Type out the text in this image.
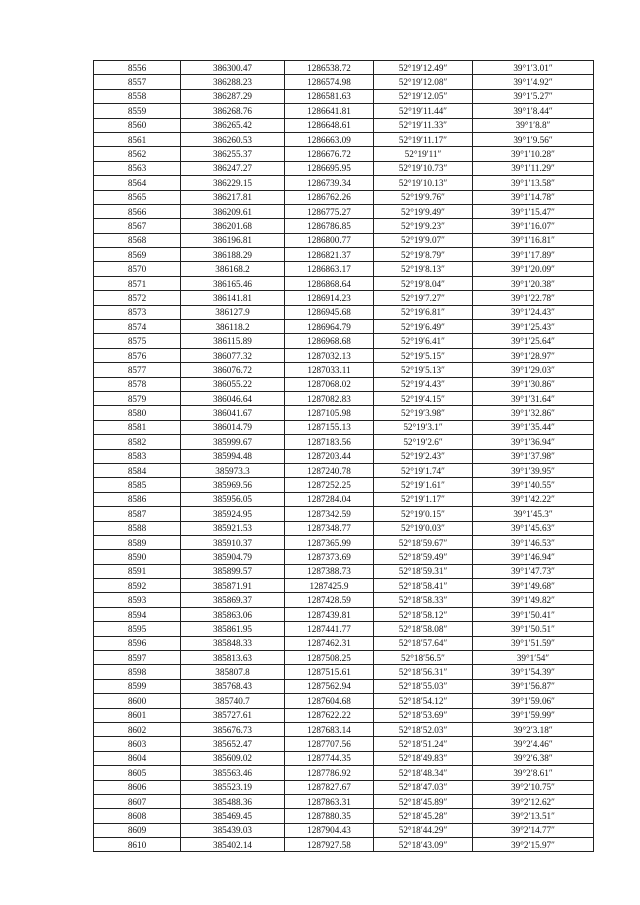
8556	386300.47	1286538.72	52°19′12.49″	39°1′3.01″
8557	386288.23	1286574.98	52°19′12.08″	39°1′4.92″
8558	386287.29	1286581.63	52°19′12.05″	39°1′5.27″
8559	386268.76	1286641.81	52°19′11.44″	39°1′8.44″
8560	386265.42	1286648.61	52°19′11.33″	39°1′8.8″
8561	386260.53	1286663.09	52°19′11.17″	39°1′9.56″
8562	386255.37	1286676.72	52°19′11″	39°1′10.28″
8563	386247.27	1286695.95	52°19′10.73″	39°1′11.29″
8564	386229.15	1286739.34	52°19′10.13″	39°1′13.58″
8565	386217.81	1286762.26	52°19′9.76″	39°1′14.78″
8566	386209.61	1286775.27	52°19′9.49″	39°1′15.47″
8567	386201.68	1286786.85	52°19′9.23″	39°1′16.07″
8568	386196.81	1286800.77	52°19′9.07″	39°1′16.81″
8569	386188.29	1286821.37	52°19′8.79″	39°1′17.89″
8570	386168.2	1286863.17	52°19′8.13″	39°1′20.09″
8571	386165.46	1286868.64	52°19′8.04″	39°1′20.38″
8572	386141.81	1286914.23	52°19′7.27″	39°1′22.78″
8573	386127.9	1286945.68	52°19′6.81″	39°1′24.43″
8574	386118.2	1286964.79	52°19′6.49″	39°1′25.43″
8575	386115.89	1286968.68	52°19′6.41″	39°1′25.64″
8576	386077.32	1287032.13	52°19′5.15″	39°1′28.97″
8577	386076.72	1287033.11	52°19′5.13″	39°1′29.03″
8578	386055.22	1287068.02	52°19′4.43″	39°1′30.86″
8579	386046.64	1287082.83	52°19′4.15″	39°1′31.64″
8580	386041.67	1287105.98	52°19′3.98″	39°1′32.86″
8581	386014.79	1287155.13	52°19′3.1″	39°1′35.44″
8582	385999.67	1287183.56	52°19′2.6″	39°1′36.94″
8583	385994.48	1287203.44	52°19′2.43″	39°1′37.98″
8584	385973.3	1287240.78	52°19′1.74″	39°1′39.95″
8585	385969.56	1287252.25	52°19′1.61″	39°1′40.55″
8586	385956.05	1287284.04	52°19′1.17″	39°1′42.22″
8587	385924.95	1287342.59	52°19′0.15″	39°1′45.3″
8588	385921.53	1287348.77	52°19′0.03″	39°1′45.63″
8589	385910.37	1287365.99	52°18′59.67″	39°1′46.53″
8590	385904.79	1287373.69	52°18′59.49″	39°1′46.94″
8591	385899.57	1287388.73	52°18′59.31″	39°1′47.73″
8592	385871.91	1287425.9	52°18′58.41″	39°1′49.68″
8593	385869.37	1287428.59	52°18′58.33″	39°1′49.82″
8594	385863.06	1287439.81	52°18′58.12″	39°1′50.41″
8595	385861.95	1287441.77	52°18′58.08″	39°1′50.51″
8596	385848.33	1287462.31	52°18′57.64″	39°1′51.59″
8597	385813.63	1287508.25	52°18′56.5″	39°1′54″
8598	385807.8	1287515.61	52°18′56.31″	39°1′54.39″
8599	385768.43	1287562.94	52°18′55.03″	39°1′56.87″
8600	385740.7	1287604.68	52°18′54.12″	39°1′59.06″
8601	385727.61	1287622.22	52°18′53.69″	39°1′59.99″
8602	385676.73	1287683.14	52°18′52.03″	39°2′3.18″
8603	385652.47	1287707.56	52°18′51.24″	39°2′4.46″
8604	385609.02	1287744.35	52°18′49.83″	39°2′6.38″
8605	385563.46	1287786.92	52°18′48.34″	39°2′8.61″
8606	385523.19	1287827.67	52°18′47.03″	39°2′10.75″
8607	385488.36	1287863.31	52°18′45.89″	39°2′12.62″
8608	385469.45	1287880.35	52°18′45.28″	39°2′13.51″
8609	385439.03	1287904.43	52°18′44.29″	39°2′14.77″
8610	385402.14	1287927.58	52°18′43.09″	39°2′15.97″
